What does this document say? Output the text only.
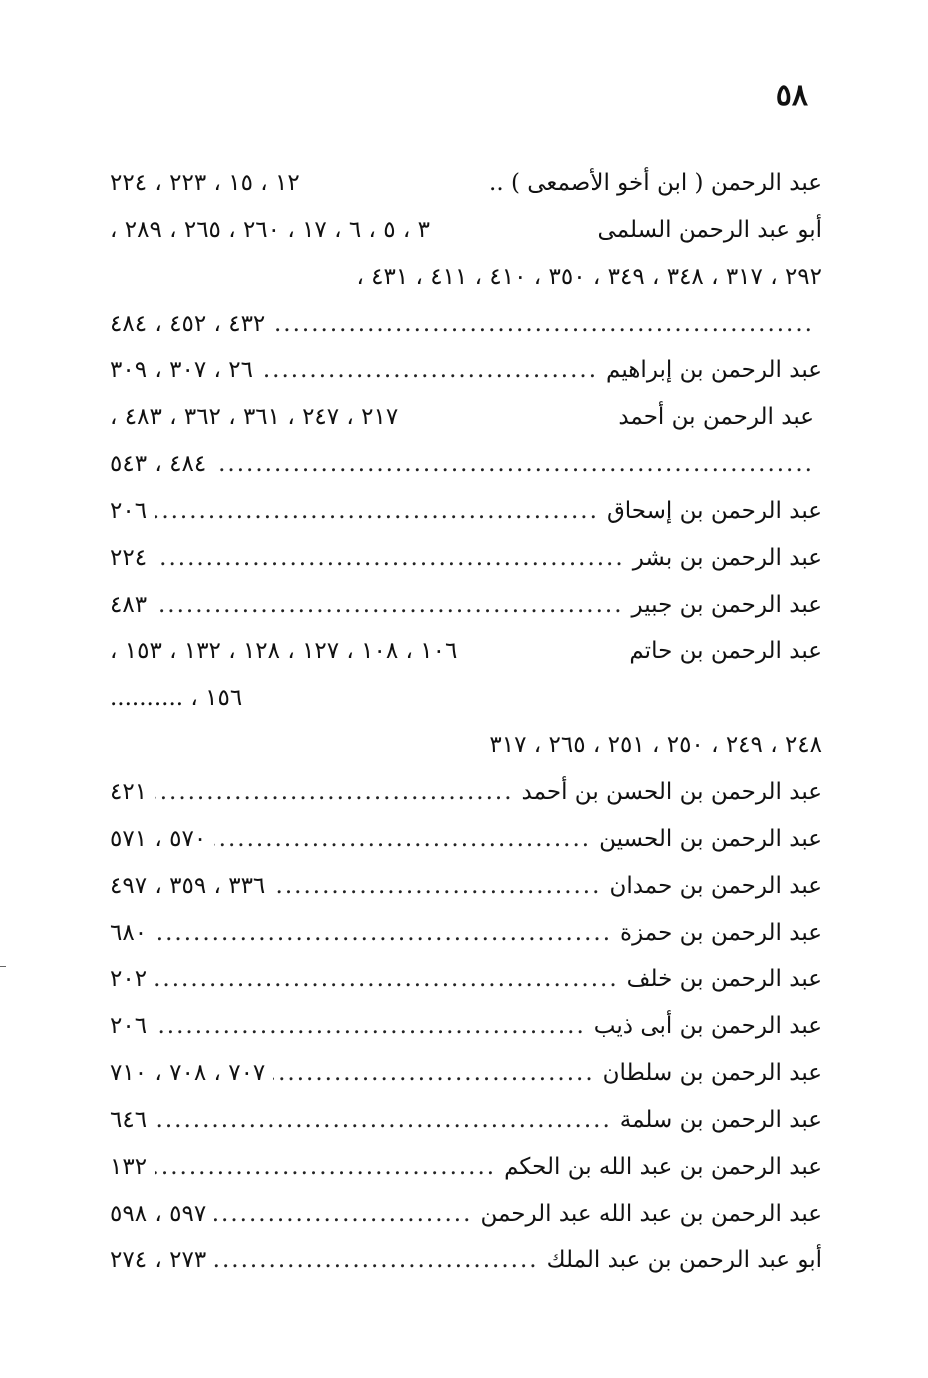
٥٨
عبد الرحمن ( ابن أخو الأصمعى ) ..
١٢ ، ١٥ ، ٢٢٣ ، ٢٢٤
أبو عبد الرحمن السلمى
٣ ، ٥ ، ٦ ، ١٧ ، ٢٦٠ ، ٢٦٥ ، ٢٨٩ ،
٢٩٢ ، ٣١٧ ، ٣٤٨ ، ٣٤٩ ، ٣٥٠ ، ٤١٠ ، ٤١١ ، ٤٣١ ،
.....
٤٣٢ ، ٤٥٢ ، ٤٨٤
عبد الرحمن بن إبراهيم
.....
٢٦ ، ٣٠٧ ، ٣٠٩
عبد الرحمن بن أحمد
٢١٧ ، ٢٤٧ ، ٣٦١ ، ٣٦٢ ، ٤٨٣ ،
.....
٤٨٤ ، ٥٤٣
عبد الرحمن بن إسحاق
.....
٢٠٦
عبد الرحمن بن بشر
.....
٢٢٤
عبد الرحمن بن جبير
.....
٤٨٣
عبد الرحمن بن حاتم
١٠٦ ، ١٠٨ ، ١٢٧ ، ١٢٨ ، ١٣٢ ، ١٥٣ ،
١٥٦ ، ..........
٢٤٨ ، ٢٤٩ ، ٢٥٠ ، ٢٥١ ، ٢٦٥ ، ٣١٧
عبد الرحمن بن الحسن بن أحمد
.....
٤٢١
عبد الرحمن بن الحسين
.....
٥٧٠ ، ٥٧١
عبد الرحمن بن حمدان
.....
٣٣٦ ، ٣٥٩ ، ٤٩٧
عبد الرحمن بن حمزة
.....
٦٨٠
عبد الرحمن بن خلف
.....
٢٠٢
عبد الرحمن بن أبى ذيب
.....
٢٠٦
عبد الرحمن بن سلطان
.....
٧٠٧ ، ٧٠٨ ، ٧١٠
عبد الرحمن بن سلمة
.....
٦٤٦
عبد الرحمن بن عبد الله بن الحكم
.....
١٣٢
عبد الرحمن بن عبد الله عبد الرحمن
.....
٥٩٧ ، ٥٩٨
أبو عبد الرحمن بن عبد الملك
.....
٢٧٣ ، ٢٧٤
